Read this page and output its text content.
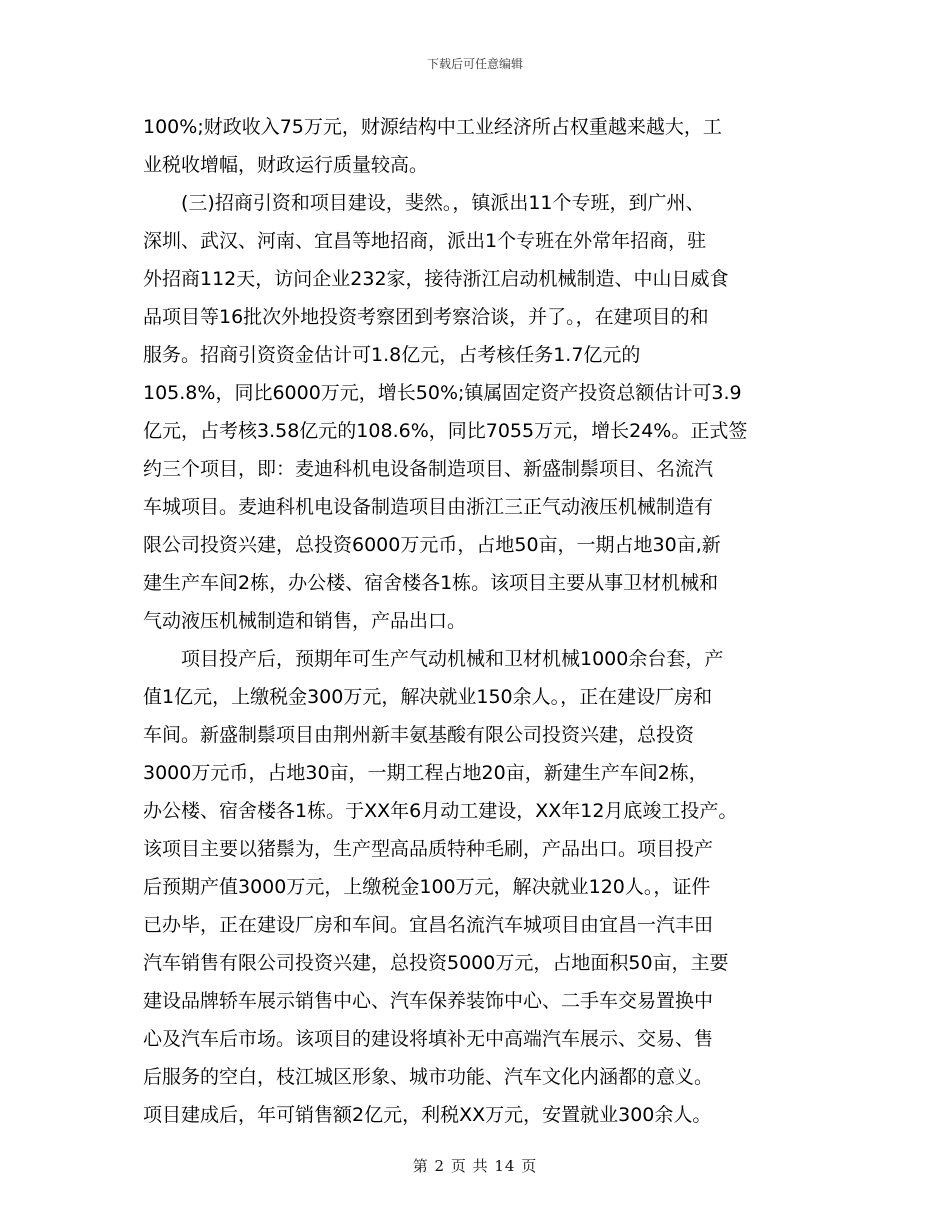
下载后可任意编辑
100%;财政收入75万元，财源结构中工业经济所占权重越来越大，工
业税收增幅，财政运行质量较高。
(三)招商引资和项目建设，斐然。，镇派出11个专班，到广州、
深圳、武汉、河南、宜昌等地招商，派出1个专班在外常年招商，驻
外招商112天，访问企业232家，接待浙江启动机械制造、中山日威食
品项目等16批次外地投资考察团到考察洽谈，并了。，在建项目的和
服务。招商引资资金估计可1.8亿元，占考核任务1.7亿元的
105.8%，同比6000万元，增长50%;镇属固定资产投资总额估计可3.9
亿元，占考核3.58亿元的108.6%，同比7055万元，增长24%。正式签
约三个项目，即：麦迪科机电设备制造项目、新盛制鬃项目、名流汽
车城项目。麦迪科机电设备制造项目由浙江三正气动液压机械制造有
限公司投资兴建，总投资6000万元币，占地50亩，一期占地30亩,新
建生产车间2栋，办公楼、宿舍楼各1栋。该项目主要从事卫材机械和
气动液压机械制造和销售，产品出口。
项目投产后，预期年可生产气动机械和卫材机械1000余台套，产
值1亿元，上缴税金300万元，解决就业150余人。，正在建设厂房和
车间。新盛制鬃项目由荆州新丰氨基酸有限公司投资兴建，总投资
3000万元币，占地30亩，一期工程占地20亩，新建生产车间2栋，
办公楼、宿舍楼各1栋。于XX年6月动工建设，XX年12月底竣工投产。
该项目主要以猪鬃为，生产型高品质特种毛刷，产品出口。项目投产
后预期产值3000万元，上缴税金100万元，解决就业120人。，证件
已办毕，正在建设厂房和车间。宜昌名流汽车城项目由宜昌一汽丰田
汽车销售有限公司投资兴建，总投资5000万元，占地面积50亩，主要
建设品牌轿车展示销售中心、汽车保养装饰中心、二手车交易置换中
心及汽车后市场。该项目的建设将填补无中高端汽车展示、交易、售
后服务的空白，枝江城区形象、城市功能、汽车文化内涵都的意义。
项目建成后，年可销售额2亿元，利税XX万元，安置就业300余人。
第 2 页 共 14 页
